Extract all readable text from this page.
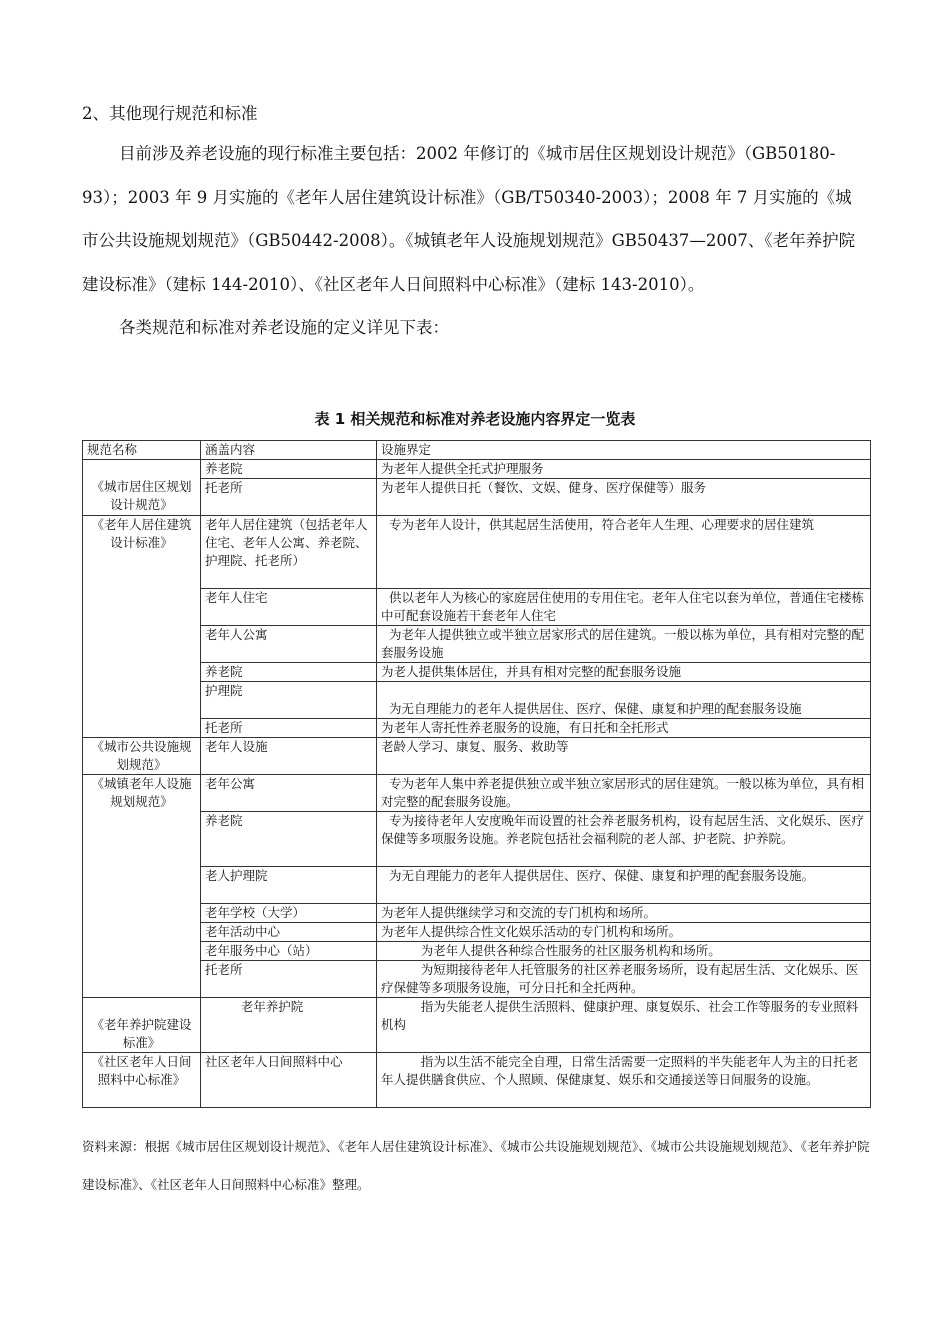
2、其他现行规范和标准

目前涉及养老设施的现行标准主要包括：2002 年修订的《城市居住区规划设计规范》（GB50180-93）；2003 年 9 月实施的《老年人居住建筑设计标准》（GB/T50340-2003）；2008 年 7 月实施的《城市公共设施规划规范》（GB50442-2008）。《城镇老年人设施规划规范》GB50437—2007、《老年养护院建设标准》（建标 144-2010）、《社区老年人日间照料中心标准》（建标 143-2010）。

各类规范和标准对养老设施的定义详见下表：

表 1 相关规范和标准对养老设施内容界定一览表
规范名称	涵盖内容	设施界定

《城市居住区规划设计规范》	养老院	为老年人提供全托式护理服务
	托老所	为老年人提供日托（餐饮、文娱、健身、医疗保健等）服务
《老年人居住建筑设计标准》	老年人居住建筑（包括老年人住宅、老年人公寓、养老院、护理院、托老所）	专为老年人设计，供其起居生活使用，符合老年人生理、心理要求的居住建筑
	老年人住宅	供以老年人为核心的家庭居住使用的专用住宅。老年人住宅以套为单位，普通住宅楼栋中可配套设施若干套老年人住宅
	老年人公寓	为老年人提供独立或半独立居家形式的居住建筑。一般以栋为单位，具有相对完整的配套服务设施
	养老院	为老人提供集体居住，并具有相对完整的配套服务设施
	护理院	为无自理能力的老年人提供居住、医疗、保健、康复和护理的配套服务设施
	托老所	为老年人寄托性养老服务的设施，有日托和全托形式
《城市公共设施规划规范》	老年人设施	老龄人学习、康复、服务、救助等
《城镇老年人设施规划规范》	老年公寓	专为老年人集中养老提供独立或半独立家居形式的居住建筑。一般以栋为单位，具有相对完整的配套服务设施。
	养老院	专为接待老年人安度晚年而设置的社会养老服务机构，设有起居生活、文化娱乐、医疗保健等多项服务设施。养老院包括社会福利院的老人部、护老院、护养院。
	老人护理院	为无自理能力的老年人提供居住、医疗、保健、康复和护理的配套服务设施。
	老年学校（大学）	为老年人提供继续学习和交流的专门机构和场所。
	老年活动中心	为老年人提供综合性文化娱乐活动的专门机构和场所。
	老年服务中心（站）	为老年人提供各种综合性服务的社区服务机构和场所。
	托老所	为短期接待老年人托管服务的社区养老服务场所，设有起居生活、文化娱乐、医疗保健等多项服务设施，可分日托和全托两种。

《老年养护院建设标准》	老年养护院	指为失能老人提供生活照料、健康护理、康复娱乐、社会工作等服务的专业照料机构
《社区老年人日间照料中心标准》	社区老年人日间照料中心	指为以生活不能完全自理，日常生活需要一定照料的半失能老年人为主的日托老年人提供膳食供应、个人照顾、保健康复、娱乐和交通接送等日间服务的设施。

资料来源：根据《城市居住区规划设计规范》、《老年人居住建筑设计标准》、《城市公共设施规划规范》、《城市公共设施规划规范》、《老年养护院建设标准》、《社区老年人日间照料中心标准》整理。
